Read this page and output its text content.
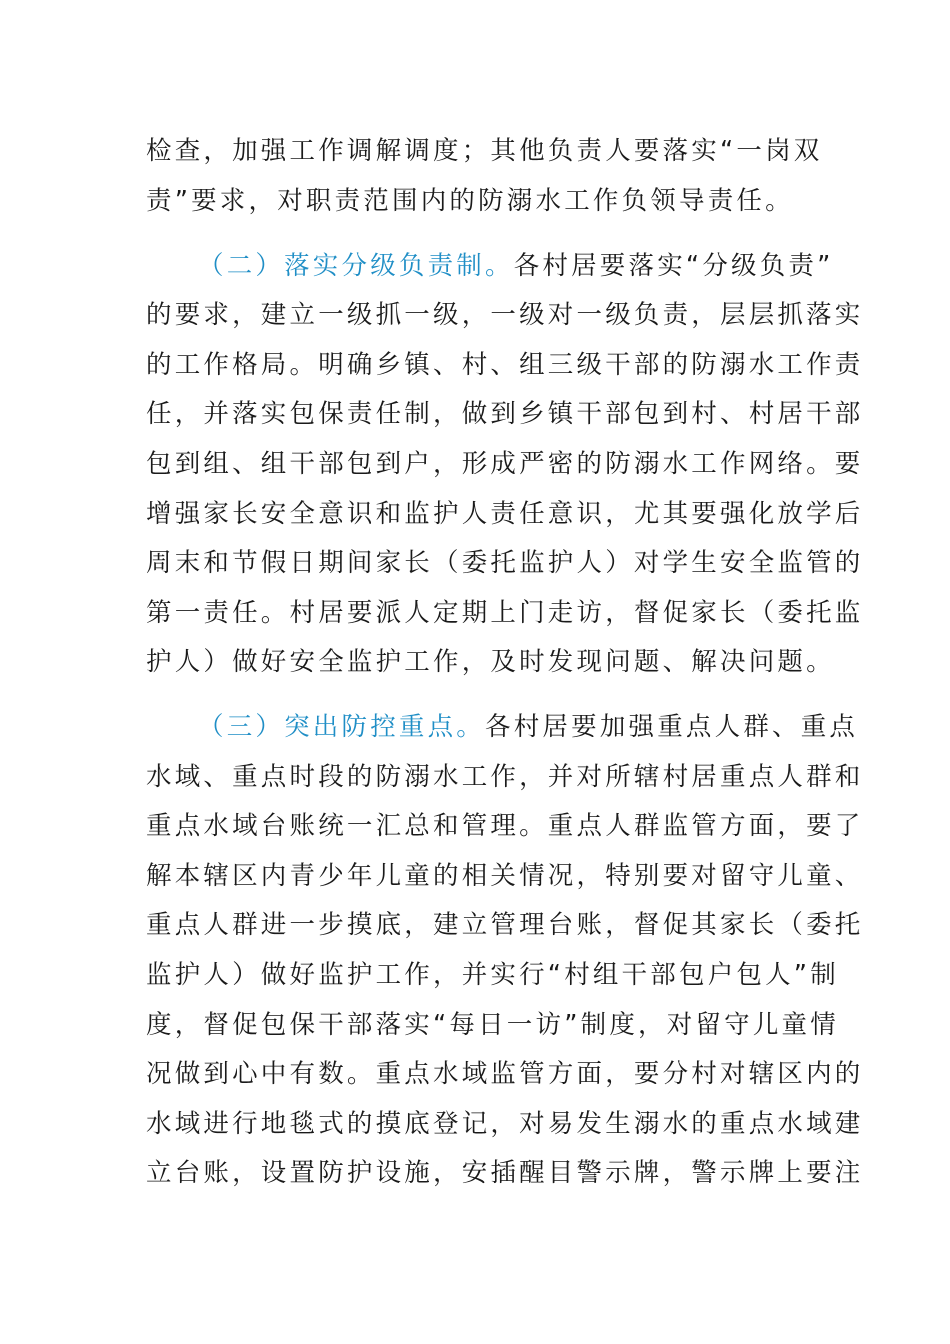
检查，加强工作调解调度；其他负责人要落实“一岗双
责”要求，对职责范围内的防溺水工作负领导责任。
（二）落实分级负责制。各村居要落实“分级负责”
的要求，建立一级抓一级，一级对一级负责，层层抓落实
的工作格局。明确乡镇、村、组三级干部的防溺水工作责
任，并落实包保责任制，做到乡镇干部包到村、村居干部
包到组、组干部包到户，形成严密的防溺水工作网络。要
增强家长安全意识和监护人责任意识，尤其要强化放学后
周末和节假日期间家长（委托监护人）对学生安全监管的
第一责任。村居要派人定期上门走访，督促家长（委托监
护人）做好安全监护工作，及时发现问题、解决问题。
（三）突出防控重点。各村居要加强重点人群、重点
水域、重点时段的防溺水工作，并对所辖村居重点人群和
重点水域台账统一汇总和管理。重点人群监管方面，要了
解本辖区内青少年儿童的相关情况，特别要对留守儿童、
重点人群进一步摸底，建立管理台账，督促其家长（委托
监护人）做好监护工作，并实行“村组干部包户包人”制
度，督促包保干部落实“每日一访”制度，对留守儿童情
况做到心中有数。重点水域监管方面，要分村对辖区内的
水域进行地毯式的摸底登记，对易发生溺水的重点水域建
立台账，设置防护设施，安插醒目警示牌，警示牌上要注
